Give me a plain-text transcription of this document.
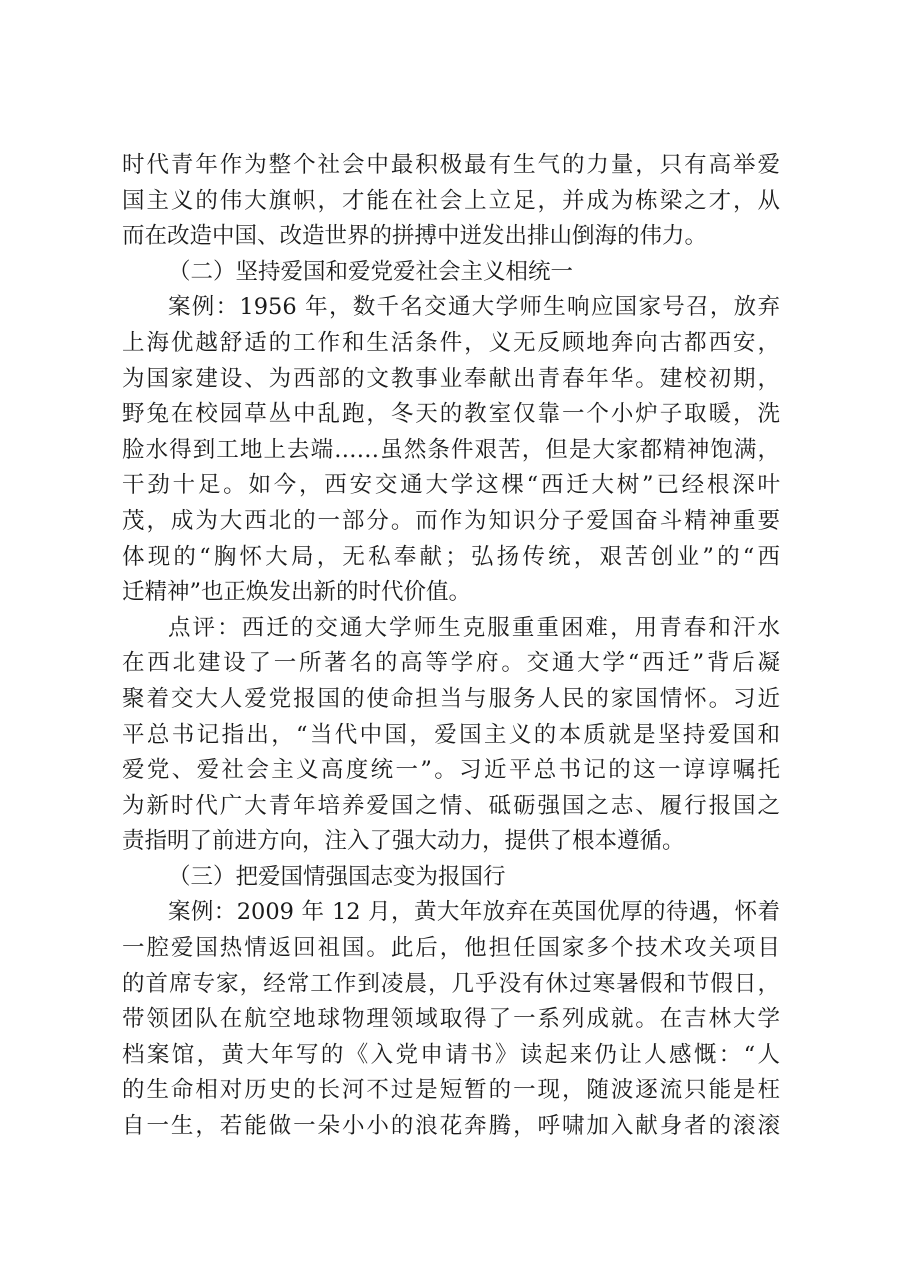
时代青年作为整个社会中最积极最有生气的力量，只有高举爱
国主义的伟大旗帜，才能在社会上立足，并成为栋梁之才，从
而在改造中国、改造世界的拼搏中迸发出排山倒海的伟力。
（二）坚持爱国和爱党爱社会主义相统一
案例：1956 年，数千名交通大学师生响应国家号召，放弃
上海优越舒适的工作和生活条件，义无反顾地奔向古都西安，
为国家建设、为西部的文教事业奉献出青春年华。建校初期，
野兔在校园草丛中乱跑，冬天的教室仅靠一个小炉子取暖，洗
脸水得到工地上去端……虽然条件艰苦，但是大家都精神饱满，
干劲十足。如今，西安交通大学这棵“西迁大树”已经根深叶
茂，成为大西北的一部分。而作为知识分子爱国奋斗精神重要
体现的“胸怀大局，无私奉献；弘扬传统，艰苦创业”的“西
迁精神”也正焕发出新的时代价值。
点评：西迁的交通大学师生克服重重困难，用青春和汗水
在西北建设了一所著名的高等学府。交通大学“西迁”背后凝
聚着交大人爱党报国的使命担当与服务人民的家国情怀。习近
平总书记指出，“当代中国，爱国主义的本质就是坚持爱国和
爱党、爱社会主义高度统一”。习近平总书记的这一谆谆嘱托
为新时代广大青年培养爱国之情、砥砺强国之志、履行报国之
责指明了前进方向，注入了强大动力，提供了根本遵循。
（三）把爱国情强国志变为报国行
案例：2009 年 12 月，黄大年放弃在英国优厚的待遇，怀着
一腔爱国热情返回祖国。此后，他担任国家多个技术攻关项目
的首席专家，经常工作到凌晨，几乎没有休过寒暑假和节假日，
带领团队在航空地球物理领域取得了一系列成就。在吉林大学
档案馆，黄大年写的《入党申请书》读起来仍让人感慨：“人
的生命相对历史的长河不过是短暂的一现，随波逐流只能是枉
自一生，若能做一朵小小的浪花奔腾，呼啸加入献身者的滚滚
